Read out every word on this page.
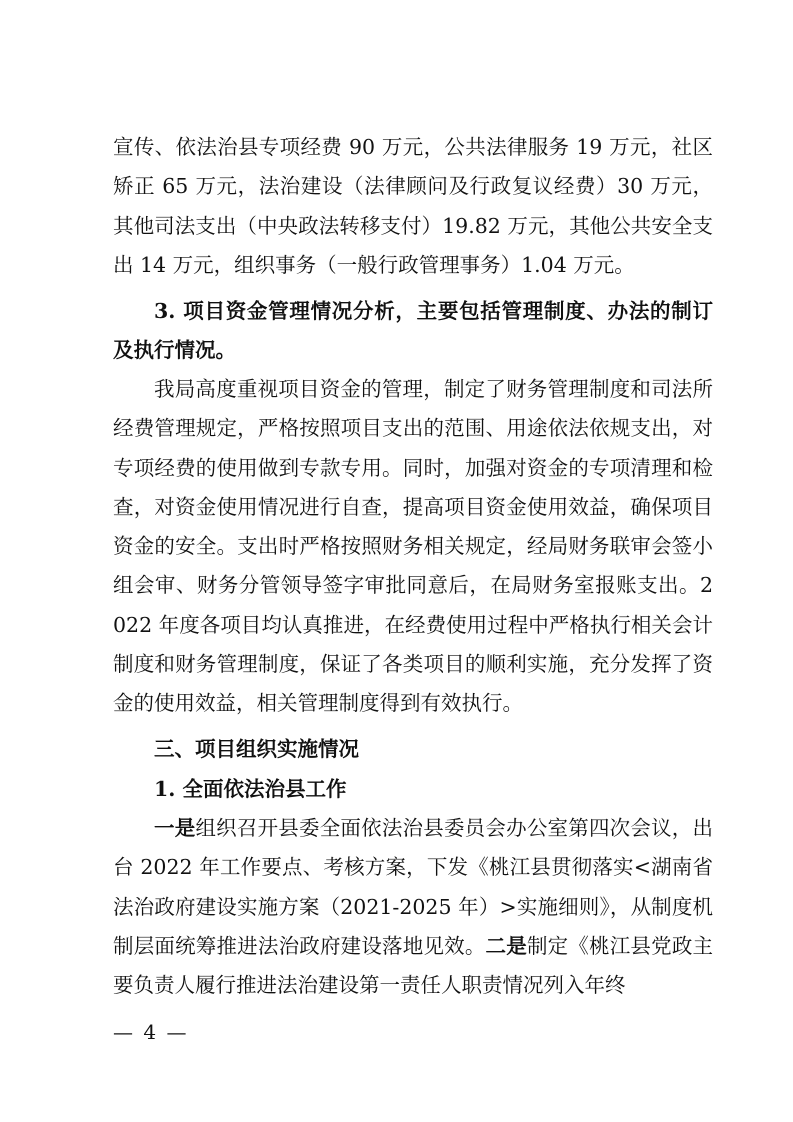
宣传、依法治县专项经费 90 万元，公共法律服务 19 万元，社区矫正 65 万元，法治建设（法律顾问及行政复议经费）30 万元，其他司法支出（中央政法转移支付）19.82 万元，其他公共安全支出 14 万元，组织事务（一般行政管理事务）1.04 万元。

3. 项目资金管理情况分析，主要包括管理制度、办法的制订及执行情况。

我局高度重视项目资金的管理，制定了财务管理制度和司法所经费管理规定，严格按照项目支出的范围、用途依法依规支出，对专项经费的使用做到专款专用。同时，加强对资金的专项清理和检查，对资金使用情况进行自查，提高项目资金使用效益，确保项目资金的安全。支出时严格按照财务相关规定，经局财务联审会签小组会审、财务分管领导签字审批同意后，在局财务室报账支出。2022 年度各项目均认真推进，在经费使用过程中严格执行相关会计制度和财务管理制度，保证了各类项目的顺利实施，充分发挥了资金的使用效益，相关管理制度得到有效执行。

三、项目组织实施情况

1. 全面依法治县工作

一是组织召开县委全面依法治县委员会办公室第四次会议，出台 2022 年工作要点、考核方案，下发《桃江县贯彻落实<湖南省法治政府建设实施方案（2021-2025 年）>实施细则》，从制度机制层面统筹推进法治政府建设落地见效。二是制定《桃江县党政主要负责人履行推进法治建设第一责任人职责情况列入年终

— 4 —
